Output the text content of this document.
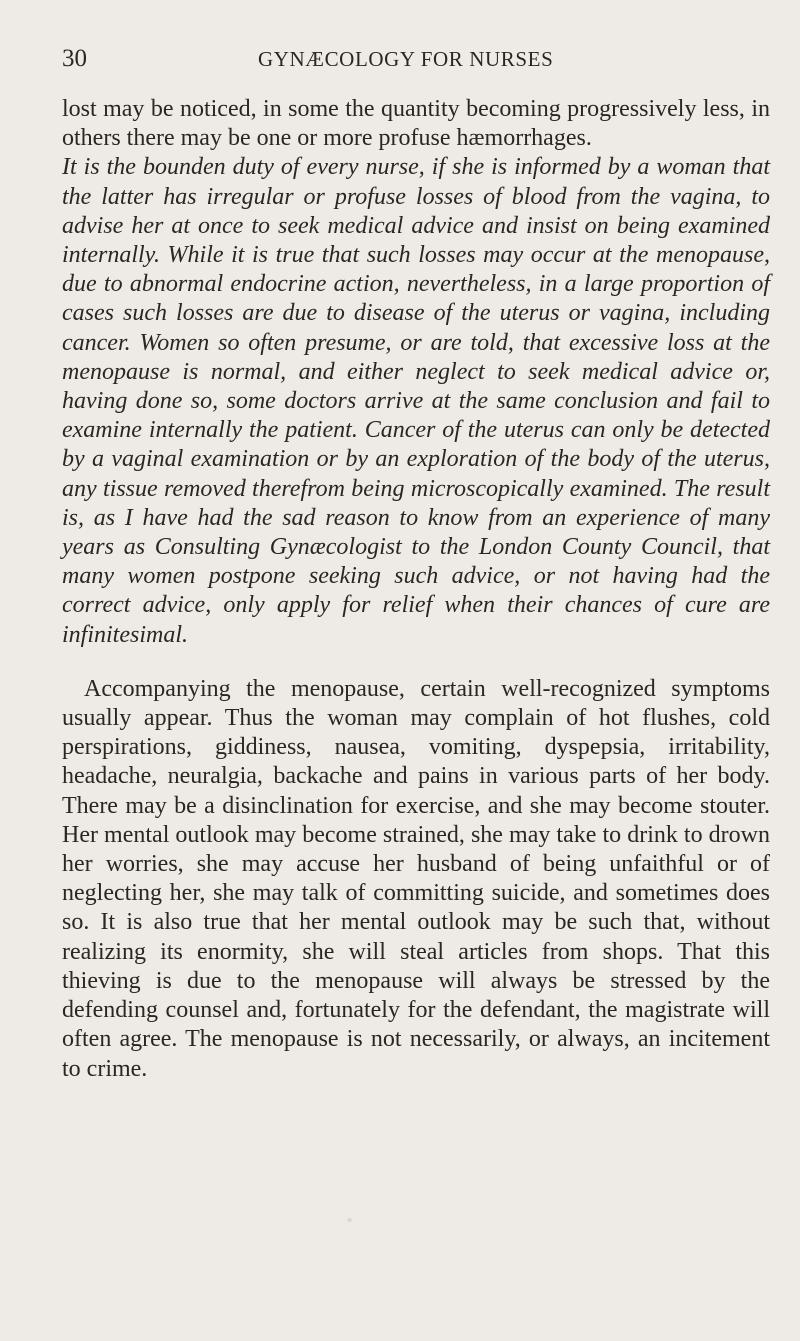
30	GYNÆCOLOGY FOR NURSES

lost may be noticed, in some the quantity becoming progressively less, in others there may be one or more profuse hæmorrhages.

It is the bounden duty of every nurse, if she is informed by a woman that the latter has irregular or profuse losses of blood from the vagina, to advise her at once to seek medical advice and insist on being examined internally. While it is true that such losses may occur at the menopause, due to abnormal endocrine action, nevertheless, in a large proportion of cases such losses are due to disease of the uterus or vagina, including cancer. Women so often presume, or are told, that excessive loss at the menopause is normal, and either neglect to seek medical advice or, having done so, some doctors arrive at the same conclusion and fail to examine internally the patient. Cancer of the uterus can only be detected by a vaginal examination or by an exploration of the body of the uterus, any tissue removed therefrom being microscopically examined. The result is, as I have had the sad reason to know from an experience of many years as Consulting Gynæcologist to the London County Council, that many women postpone seeking such advice, or not having had the correct advice, only apply for relief when their chances of cure are infinitesimal.

Accompanying the menopause, certain well-recognized symptoms usually appear. Thus the woman may complain of hot flushes, cold perspirations, giddiness, nausea, vomiting, dyspepsia, irritability, headache, neuralgia, backache and pains in various parts of her body. There may be a disinclination for exercise, and she may become stouter. Her mental outlook may become strained, she may take to drink to drown her worries, she may accuse her husband of being unfaithful or of neglecting her, she may talk of committing suicide, and sometimes does so. It is also true that her mental outlook may be such that, without realizing its enormity, she will steal articles from shops. That this thieving is due to the menopause will always be stressed by the defending counsel and, fortunately for the defendant, the magistrate will often agree. The menopause is not necessarily, or always, an incitement to crime.
